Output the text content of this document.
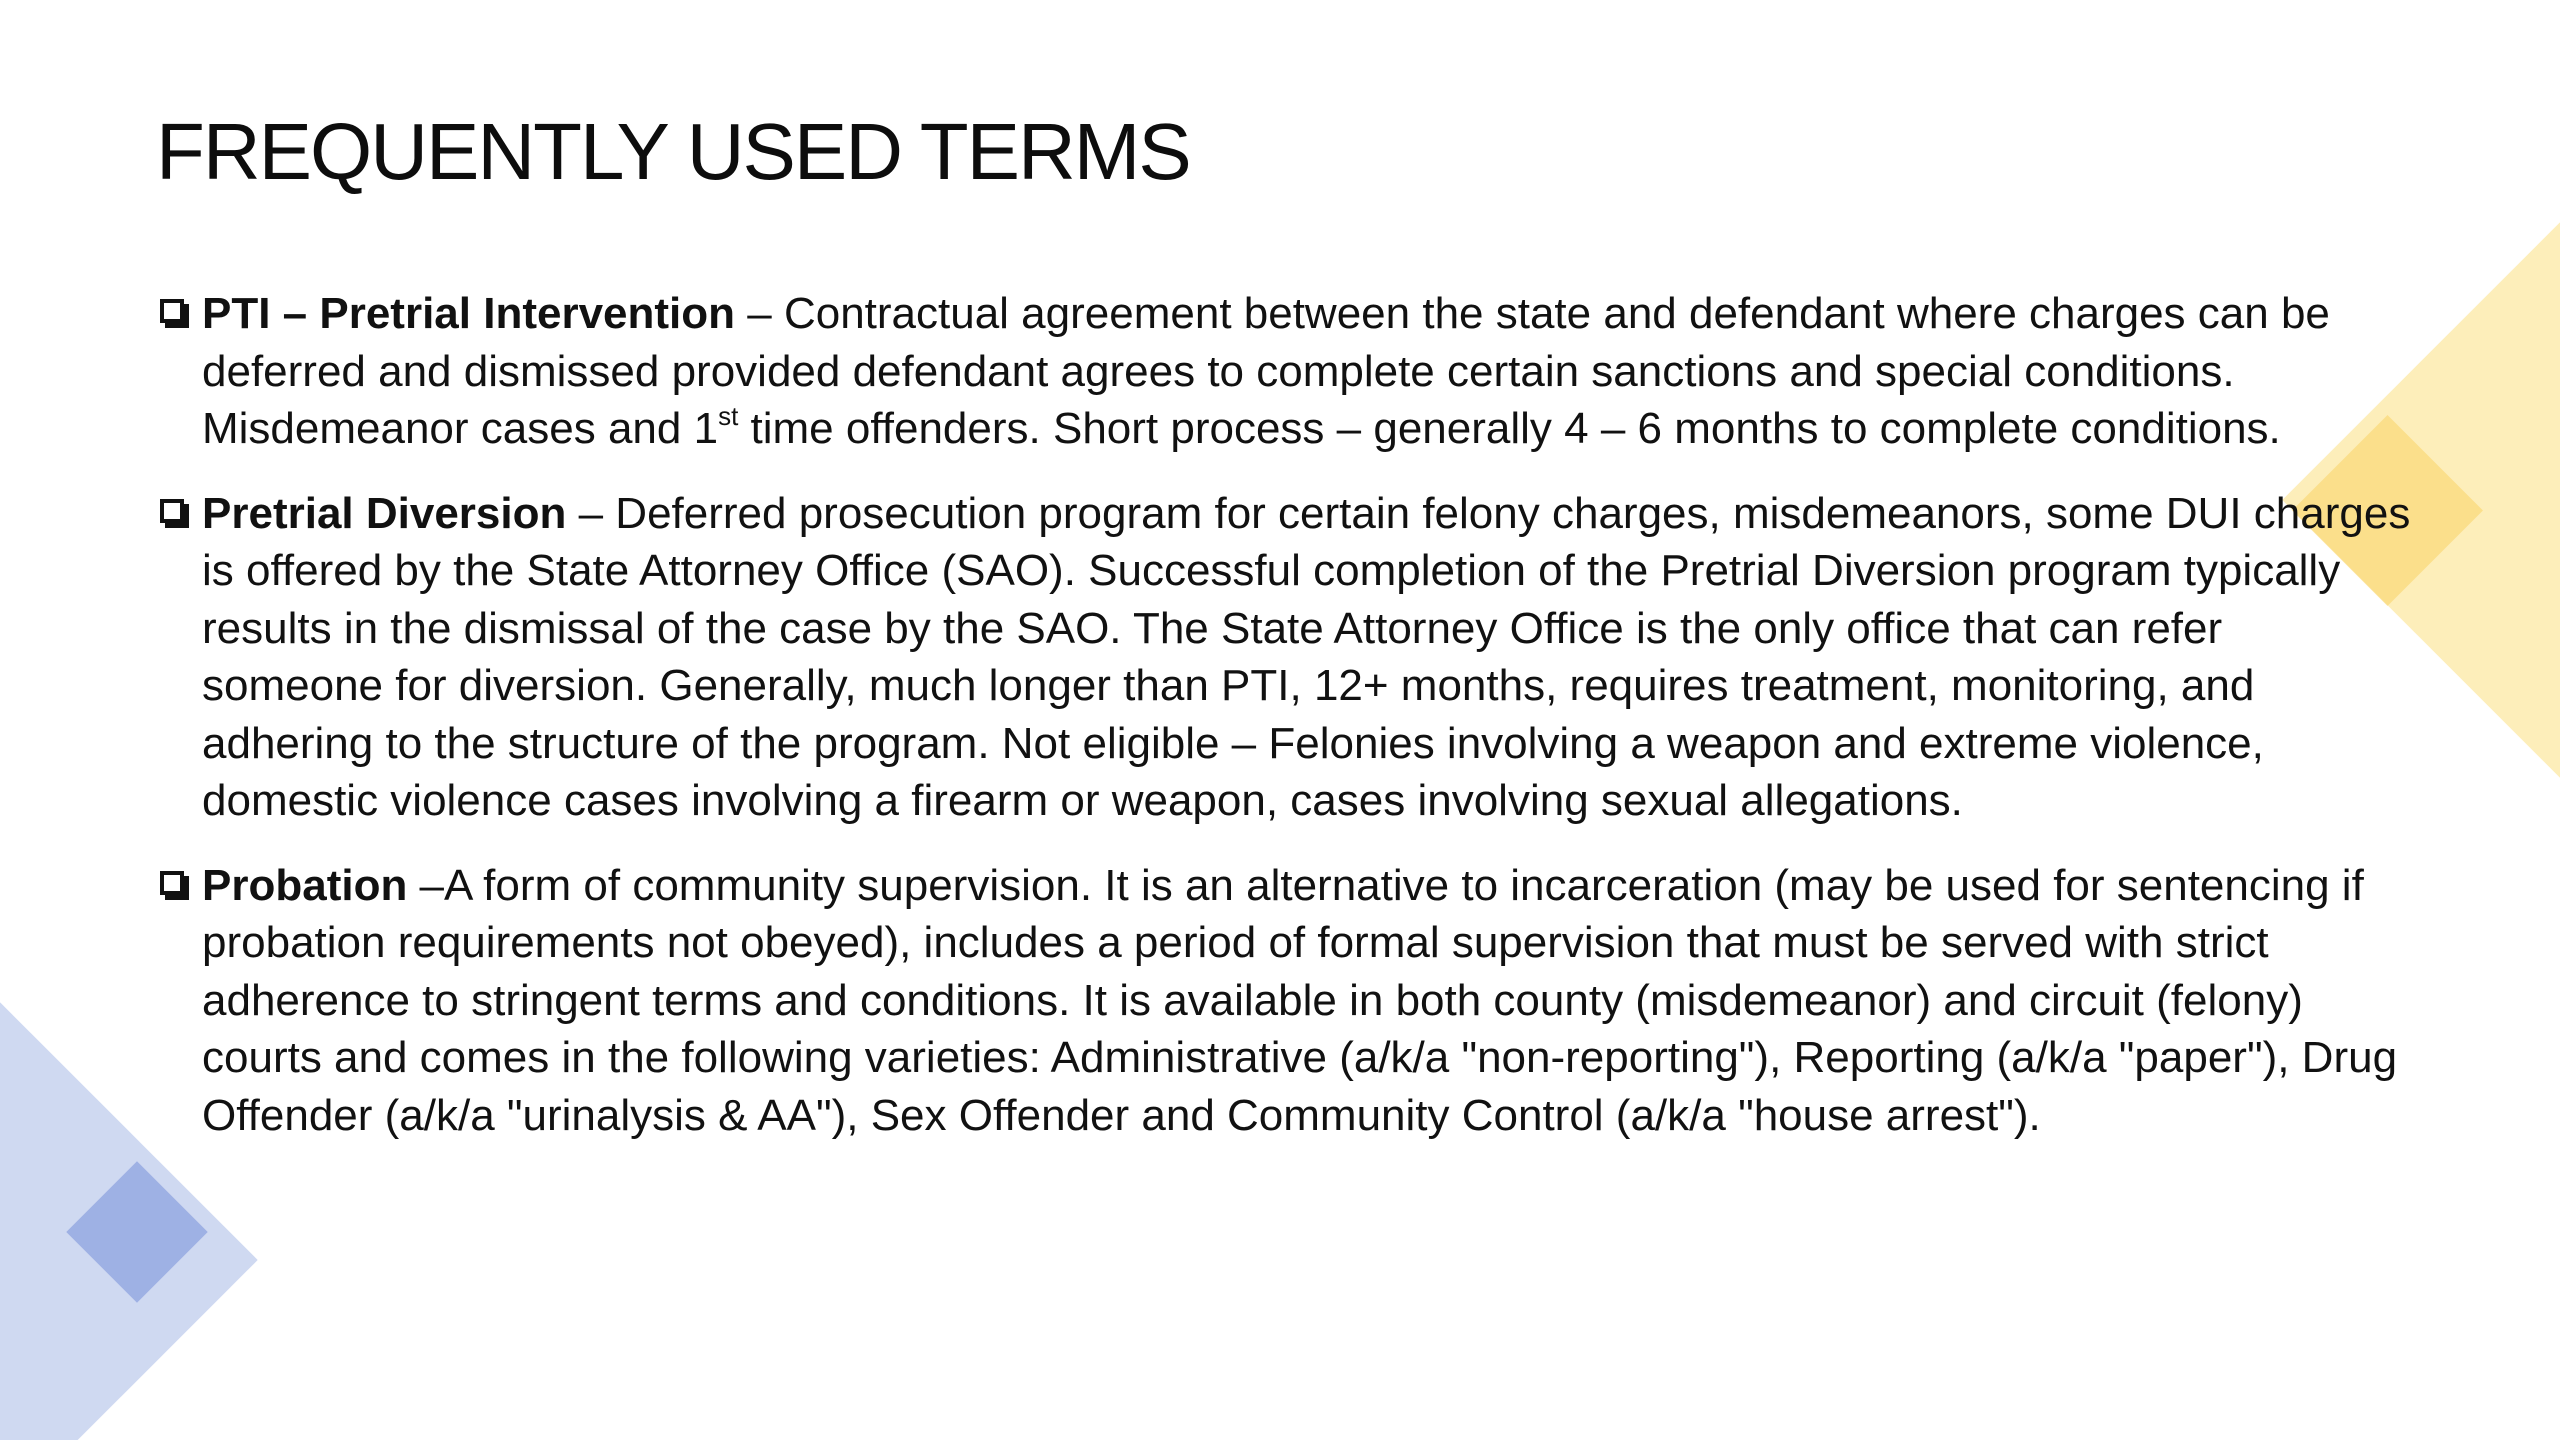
FREQUENTLY USED TERMS
PTI – Pretrial Intervention – Contractual agreement between the state and defendant where charges can be deferred and dismissed provided defendant agrees to complete certain sanctions and special conditions. Misdemeanor cases and 1st time offenders. Short process – generally 4 – 6 months to complete conditions.
Pretrial Diversion – Deferred prosecution program for certain felony charges, misdemeanors, some DUI charges is offered by the State Attorney Office (SAO). Successful completion of the Pretrial Diversion program typically results in the dismissal of the case by the SAO. The State Attorney Office is the only office that can refer someone for diversion. Generally, much longer than PTI, 12+ months, requires treatment, monitoring, and adhering to the structure of the program. Not eligible – Felonies involving a weapon and extreme violence, domestic violence cases involving a firearm or weapon, cases involving sexual allegations.
Probation –A form of community supervision. It is an alternative to incarceration (may be used for sentencing if probation requirements not obeyed), includes a period of formal supervision that must be served with strict adherence to stringent terms and conditions. It is available in both county (misdemeanor) and circuit (felony) courts and comes in the following varieties: Administrative (a/k/a "non-reporting"), Reporting (a/k/a "paper"), Drug Offender (a/k/a "urinalysis & AA"), Sex Offender and Community Control (a/k/a "house arrest").
